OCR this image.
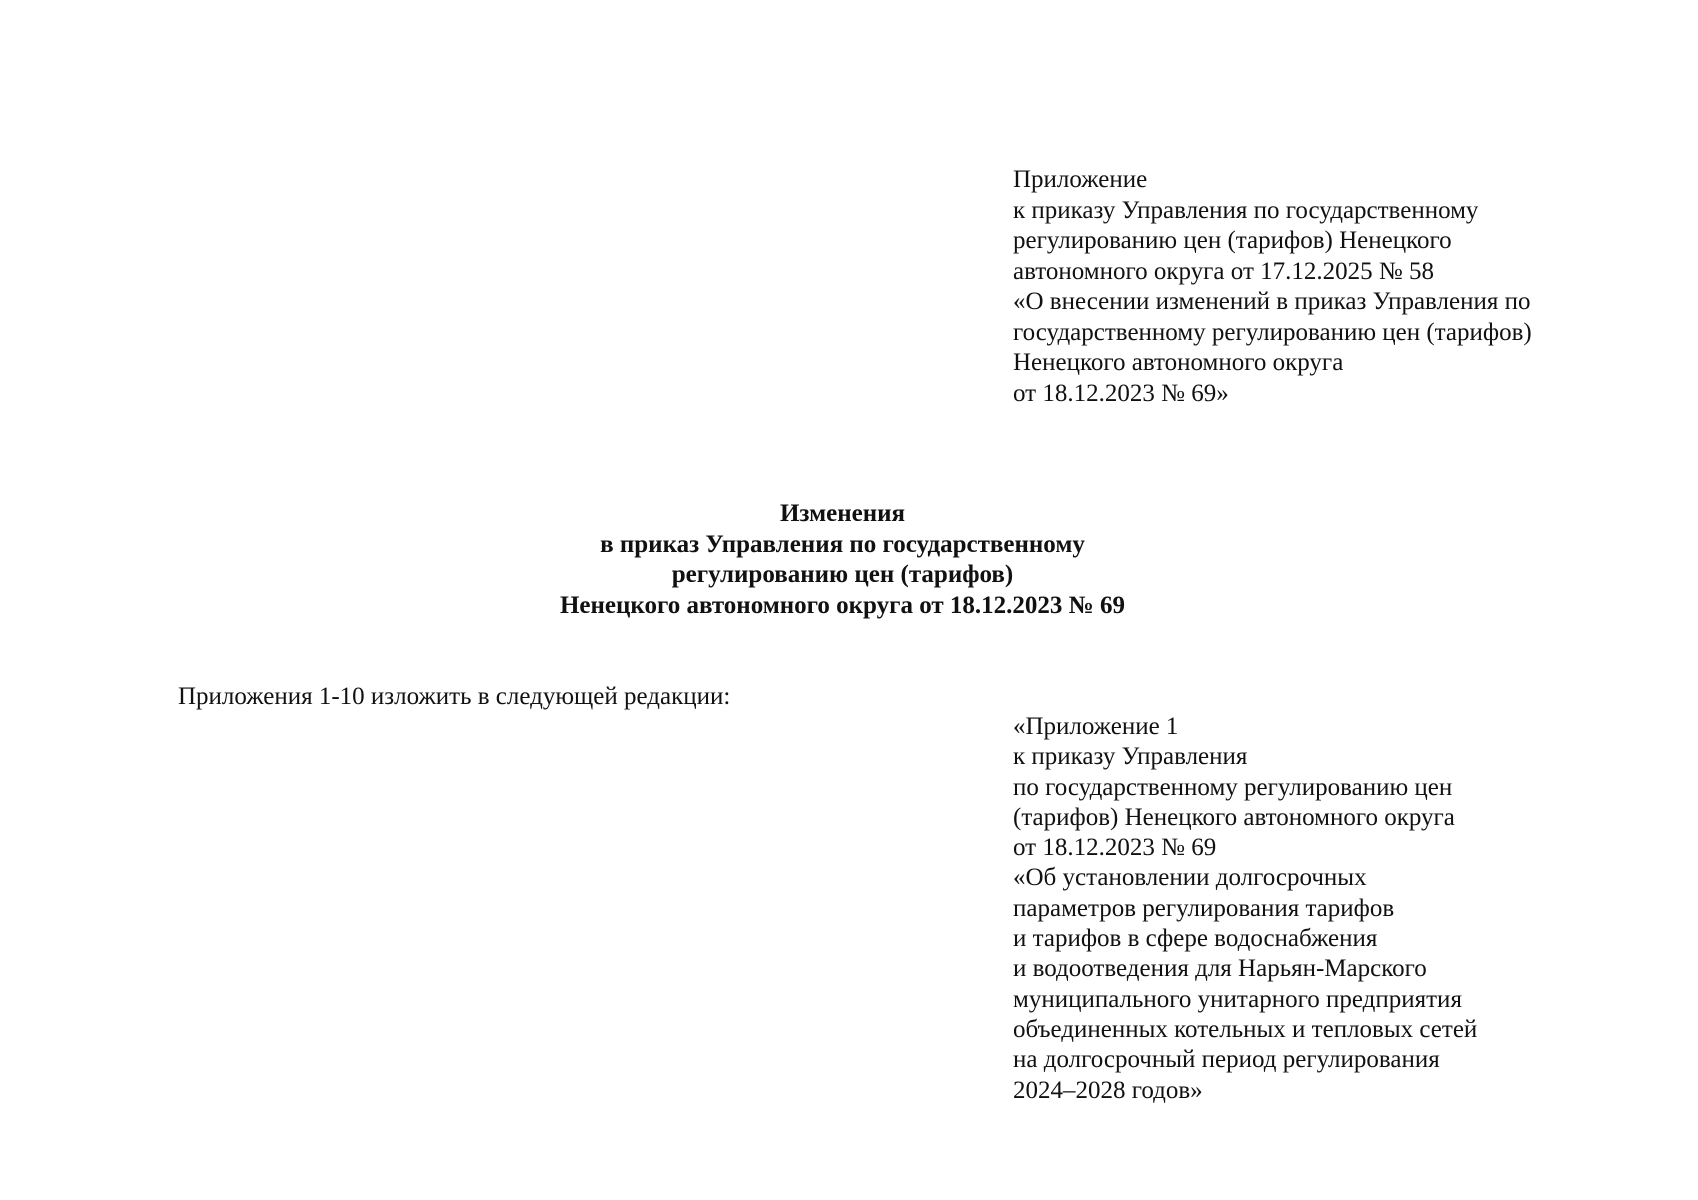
Приложение
к приказу Управления по государственному
регулированию цен (тарифов) Ненецкого
автономного округа от 17.12.2025 № 58
«О внесении изменений в приказ Управления по
государственному регулированию цен (тарифов)
Ненецкого автономного округа
от 18.12.2023 № 69»
Изменения
в приказ Управления по государственному
регулированию цен (тарифов)
Ненецкого автономного округа от 18.12.2023 № 69
Приложения 1-10 изложить в следующей редакции:
«Приложение 1
к приказу Управления
по государственному регулированию цен
(тарифов) Ненецкого автономного округа
от 18.12.2023 № 69
«Об установлении долгосрочных
параметров регулирования тарифов
и тарифов в сфере водоснабжения
и водоотведения для Нарьян-Марского
муниципального унитарного предприятия
объединенных котельных и тепловых сетей
на долгосрочный период регулирования
2024–2028 годов»
